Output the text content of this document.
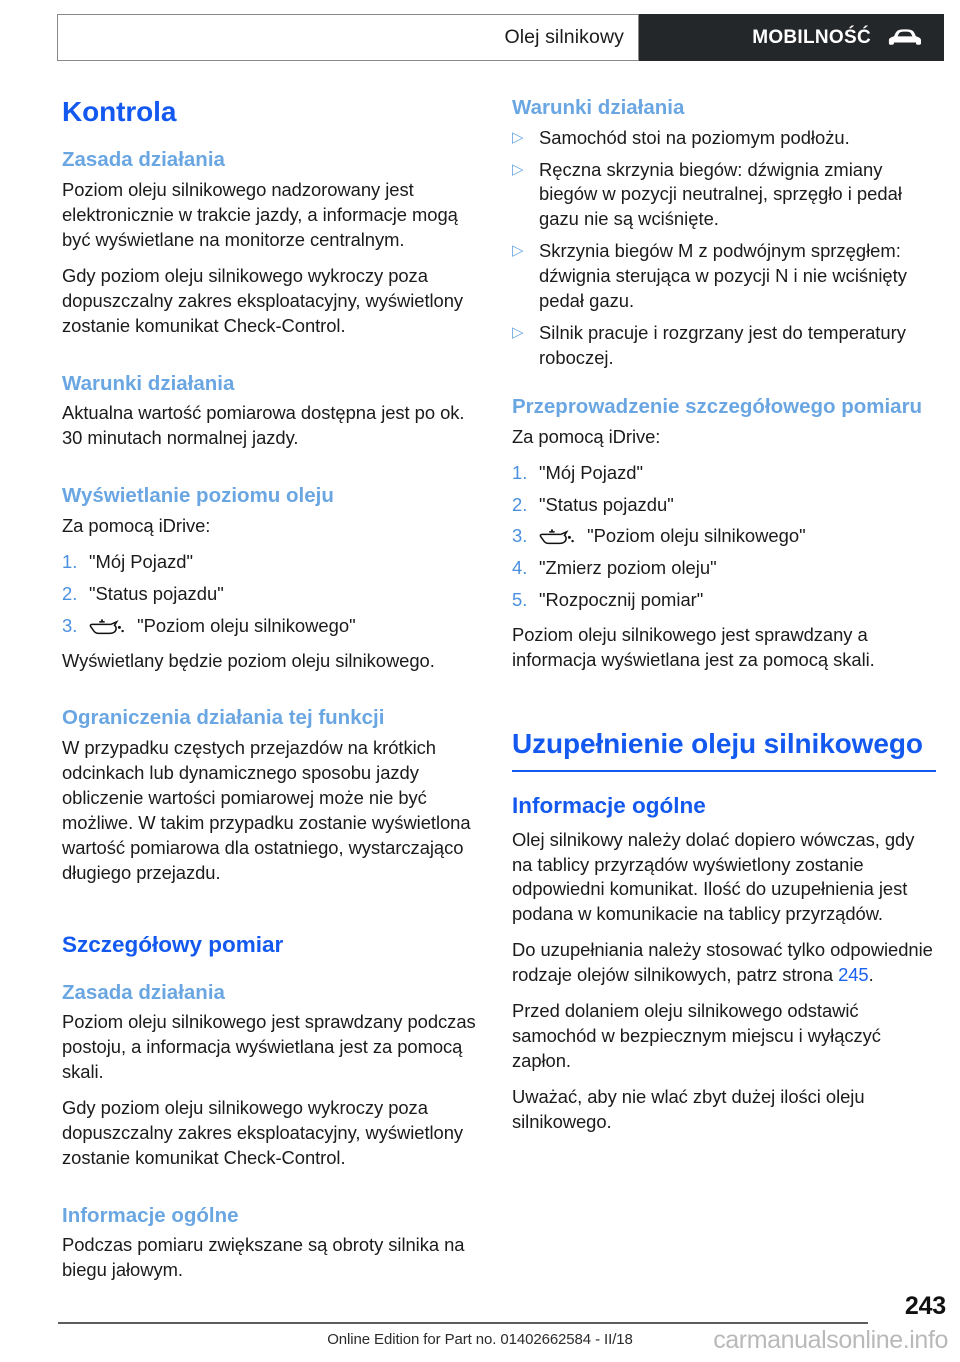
Olej silnikowy	MOBILNOŚĆ
Kontrola
Zasada działania

Poziom oleju silnikowego nadzorowany jest elektronicznie w trakcie jazdy, a informacje mogą być wyświetlane na monitorze centralnym.

Gdy poziom oleju silnikowego wykroczy poza dopuszczalny zakres eksploatacyjny, wyświetlony zostanie komunikat Check-Control.

Warunki działania

Aktualna wartość pomiarowa dostępna jest po ok. 30 minutach normalnej jazdy.

Wyświetlanie poziomu oleju

Za pomocą iDrive:

1. "Mój Pojazd"
2. "Status pojazdu"
3.	"Poziom oleju silnikowego"

Wyświetlany będzie poziom oleju silnikowego.

Ograniczenia działania tej funkcji

W przypadku częstych przejazdów na krótkich odcinkach lub dynamicznego sposobu jazdy obliczenie wartości pomiarowej może nie być możliwe. W takim przypadku zostanie wyświetlona wartość pomiarowa dla ostatniego, wystarczająco długiego przejazdu.

Szczegółowy pomiar
Zasada działania

Poziom oleju silnikowego jest sprawdzany podczas postoju, a informacja wyświetlana jest za pomocą skali.

Gdy poziom oleju silnikowego wykroczy poza dopuszczalny zakres eksploatacyjny, wyświetlony zostanie komunikat Check-Control.

Informacje ogólne

Podczas pomiaru zwiększane są obroty silnika na biegu jałowym.

Warunki działania
▷ Samochód stoi na poziomym podłożu.
▷ Ręczna skrzynia biegów: dźwignia zmiany biegów w pozycji neutralnej, sprzęgło i pedał gazu nie są wciśnięte.
▷ Skrzynia biegów M z podwójnym sprzęgłem: dźwignia sterująca w pozycji N i nie wciśnięty pedał gazu.
▷ Silnik pracuje i rozgrzany jest do temperatury roboczej.
Przeprowadzenie szczegółowego pomiaru

Za pomocą iDrive:

1. "Mój Pojazd"
2. "Status pojazdu"
3.	"Poziom oleju silnikowego"
4. "Zmierz poziom oleju"
5. "Rozpocznij pomiar"

Poziom oleju silnikowego jest sprawdzany a informacja wyświetlana jest za pomocą skali.

Uzupełnienie oleju silnikowego
Informacje ogólne

Olej silnikowy należy dolać dopiero wówczas, gdy na tablicy przyrządów wyświetlony zostanie odpowiedni komunikat. Ilość do uzupełnienia jest podana w komunikacie na tablicy przyrządów.

Do uzupełniania należy stosować tylko odpowiednie rodzaje olejów silnikowych, patrz strona 245.

Przed dolaniem oleju silnikowego odstawić samochód w bezpiecznym miejscu i wyłączyć zapłon.

Uważać, aby nie wlać zbyt dużej ilości oleju silnikowego.

243
Online Edition for Part no. 01402662584 - II/18	carmanualsonline.info
